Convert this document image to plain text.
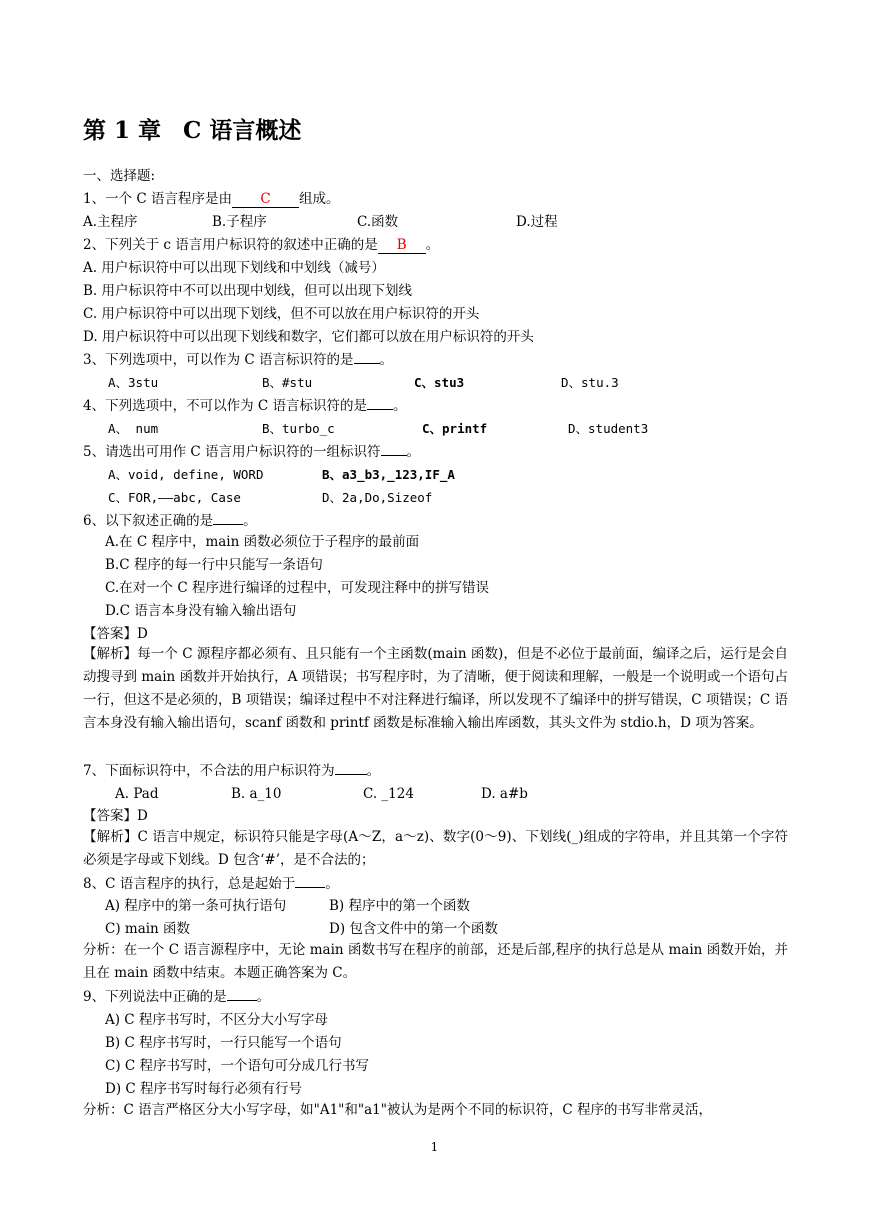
第 1 章 C 语言概述
一、选择题:
1、一个 C 语言程序是由 C 组成。
A.主程序	B.子程序	C.函数	D.过程
2、下列关于 c 语言用户标识符的叙述中正确的是 B 。
A. 用户标识符中可以出现下划线和中划线（减号）
B. 用户标识符中不可以出现中划线，但可以出现下划线
C. 用户标识符中可以出现下划线，但不可以放在用户标识符的开头
D. 用户标识符中可以出现下划线和数字，它们都可以放在用户标识符的开头
3、下列选项中，可以作为 C 语言标识符的是 。
A、3stu	B、#stu	C、stu3	D、stu.3
4、下列选项中，不可以作为 C 语言标识符的是 。
A、 num	B、turbo_c	C、printf	D、student3
5、请选出可用作 C 语言用户标识符的一组标识符 。
A、void, define, WORD	B、a3_b3,_123,IF_A
C、FOR,——abc, Case	D、2a,Do,Sizeof
6、以下叙述正确的是 。
A.在 C 程序中，main 函数必须位于子程序的最前面
B.C 程序的每一行中只能写一条语句
C.在对一个 C 程序进行编译的过程中，可发现注释中的拼写错误
D.C 语言本身没有输入输出语句
【答案】D
【解析】每一个 C 源程序都必须有、且只能有一个主函数(main 函数)，但是不必位于最前面，编译之后，运行是会自动搜寻到 main 函数并开始执行，A 项错误；书写程序时，为了清晰，便于阅读和理解，一般是一个说明或一个语句占一行，但这不是必须的，B 项错误；编译过程中不对注释进行编译，所以发现不了编译中的拼写错误，C 项错误；C 语言本身没有输入输出语句，scanf 函数和 printf 函数是标准输入输出库函数，其头文件为 stdio.h，D 项为答案。
7、下面标识符中，不合法的用户标识符为 。
A. Pad	B. a_10	C. _124	D. a#b
【答案】D
【解析】C 语言中规定，标识符只能是字母(A～Z，a～z)、数字(0～9)、下划线(_)组成的字符串，并且其第一个字符必须是字母或下划线。D 包含‘#’，是不合法的；
8、C 语言程序的执行，总是起始于 。
A) 程序中的第一条可执行语句	B) 程序中的第一个函数
C) main 函数	D) 包含文件中的第一个函数
分析：在一个 C 语言源程序中，无论 main 函数书写在程序的前部，还是后部,程序的执行总是从 main 函数开始，并且在 main 函数中结束。本题正确答案为 C。
9、下列说法中正确的是 。
A) C 程序书写时，不区分大小写字母
B) C 程序书写时，一行只能写一个语句
C) C 程序书写时，一个语句可分成几行书写
D) C 程序书写时每行必须有行号
分析：C 语言严格区分大小写字母，如"A1"和"a1"被认为是两个不同的标识符，C 程序的书写非常灵活，
1
